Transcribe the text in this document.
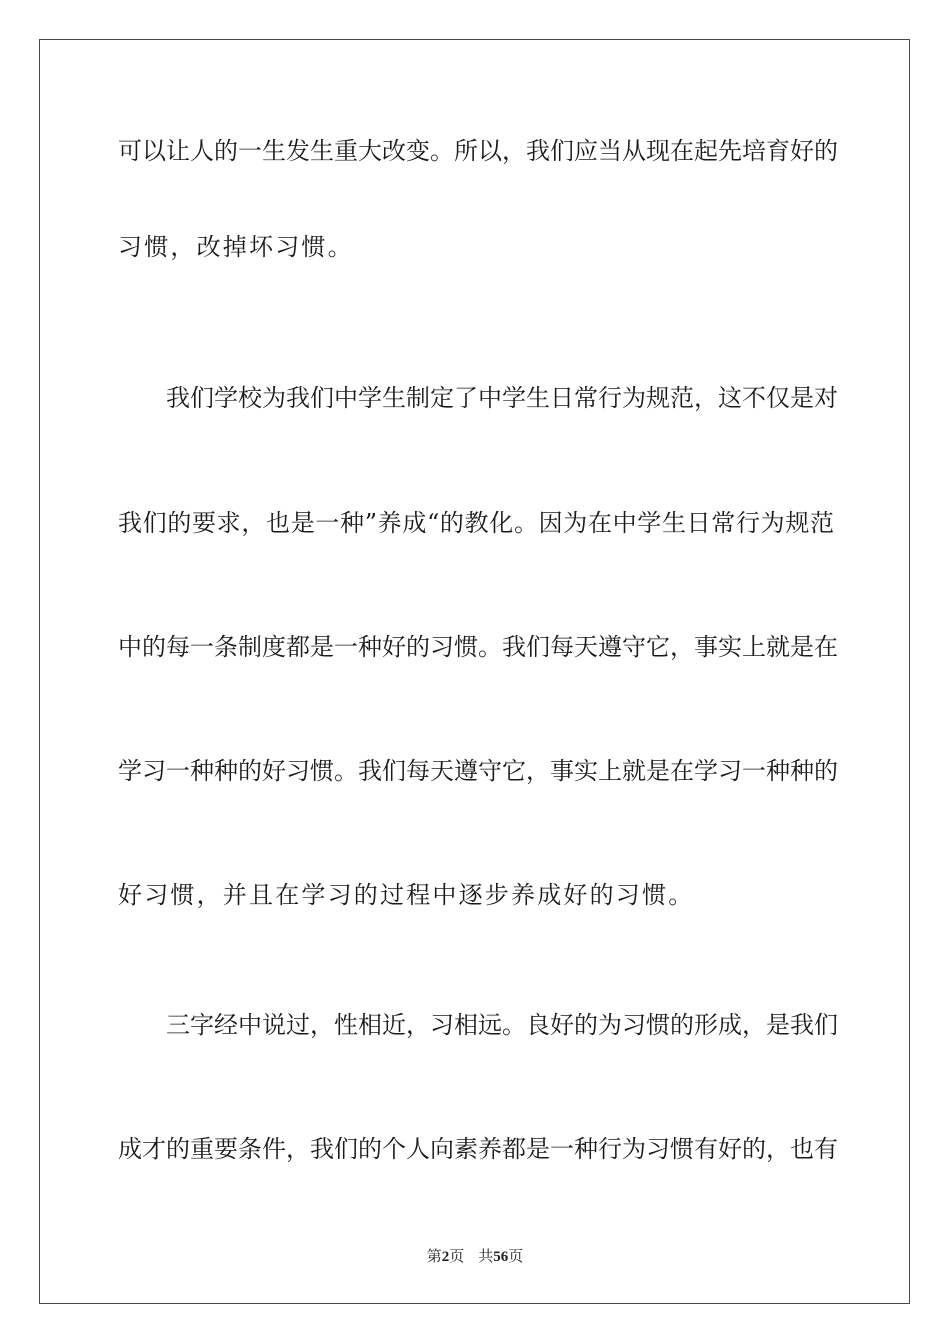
可以让人的一生发生重大改变。所以，我们应当从现在起先培育好的
习惯，改掉坏习惯。
我们学校为我们中学生制定了中学生日常行为规范，这不仅是对
我们的要求，也是一种”养成“的教化。因为在中学生日常行为规范
中的每一条制度都是一种好的习惯。我们每天遵守它，事实上就是在
学习一种种的好习惯。我们每天遵守它，事实上就是在学习一种种的
好习惯，并且在学习的过程中逐步养成好的习惯。
三字经中说过，性相近，习相远。良好的为习惯的形成，是我们
成才的重要条件，我们的个人向素养都是一种行为习惯有好的，也有
第2页 共56页
